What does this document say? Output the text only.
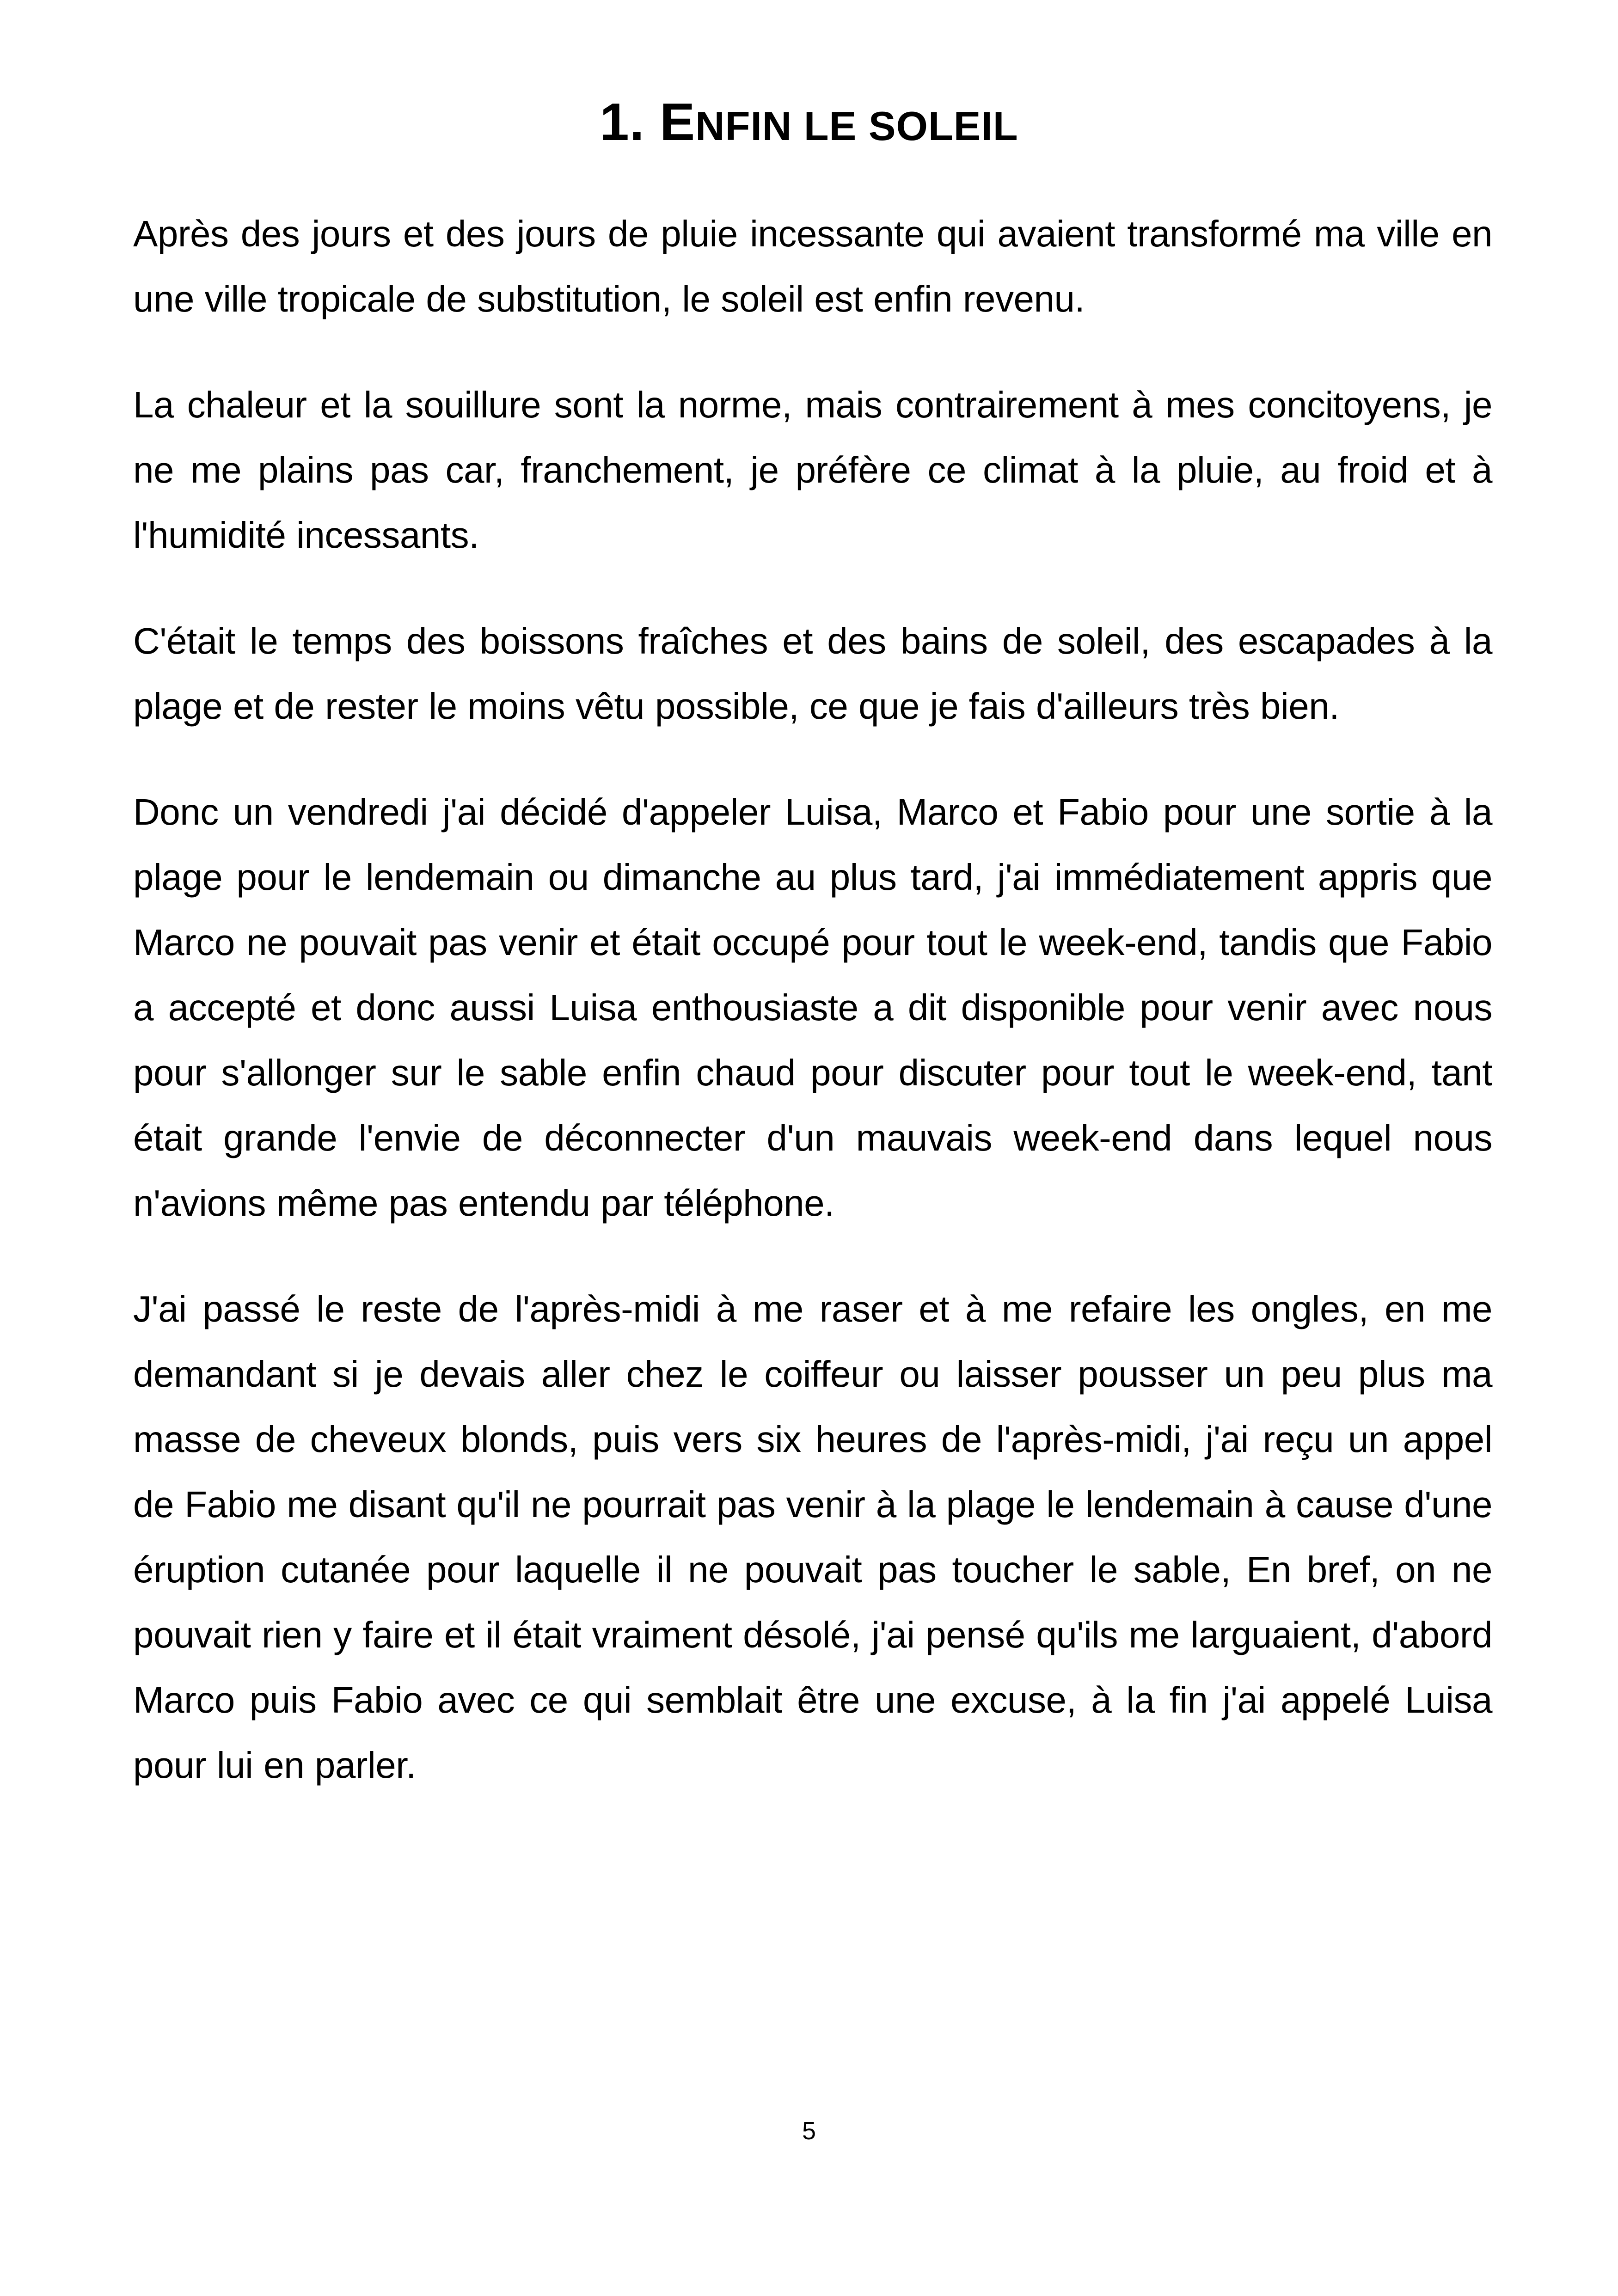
1. ENFIN LE SOLEIL

Après des jours et des jours de pluie incessante qui avaient transformé ma ville en une ville tropicale de substitution, le soleil est enfin revenu.

La chaleur et la souillure sont la norme, mais contrairement à mes concitoyens, je ne me plains pas car, franchement, je préfère ce climat à la pluie, au froid et à l'humidité incessants.

C'était le temps des boissons fraîches et des bains de soleil, des escapades à la plage et de rester le moins vêtu possible, ce que je fais d'ailleurs très bien.

Donc un vendredi j'ai décidé d'appeler Luisa, Marco et Fabio pour une sortie à la plage pour le lendemain ou dimanche au plus tard, j'ai immédiatement appris que Marco ne pouvait pas venir et était occupé pour tout le week-end, tandis que Fabio a accepté et donc aussi Luisa enthousiaste a dit disponible pour venir avec nous pour s'allonger sur le sable enfin chaud pour discuter pour tout le week-end, tant était grande l'envie de déconnecter d'un mauvais week-end dans lequel nous n'avions même pas entendu par téléphone.

J'ai passé le reste de l'après-midi à me raser et à me refaire les ongles, en me demandant si je devais aller chez le coiffeur ou laisser pousser un peu plus ma masse de cheveux blonds, puis vers six heures de l'après-midi, j'ai reçu un appel de Fabio me disant qu'il ne pourrait pas venir à la plage le lendemain à cause d'une éruption cutanée pour laquelle il ne pouvait pas toucher le sable, En bref, on ne pouvait rien y faire et il était vraiment désolé, j'ai pensé qu'ils me larguaient, d'abord Marco puis Fabio avec ce qui semblait être une excuse, à la fin j'ai appelé Luisa pour lui en parler.

5
